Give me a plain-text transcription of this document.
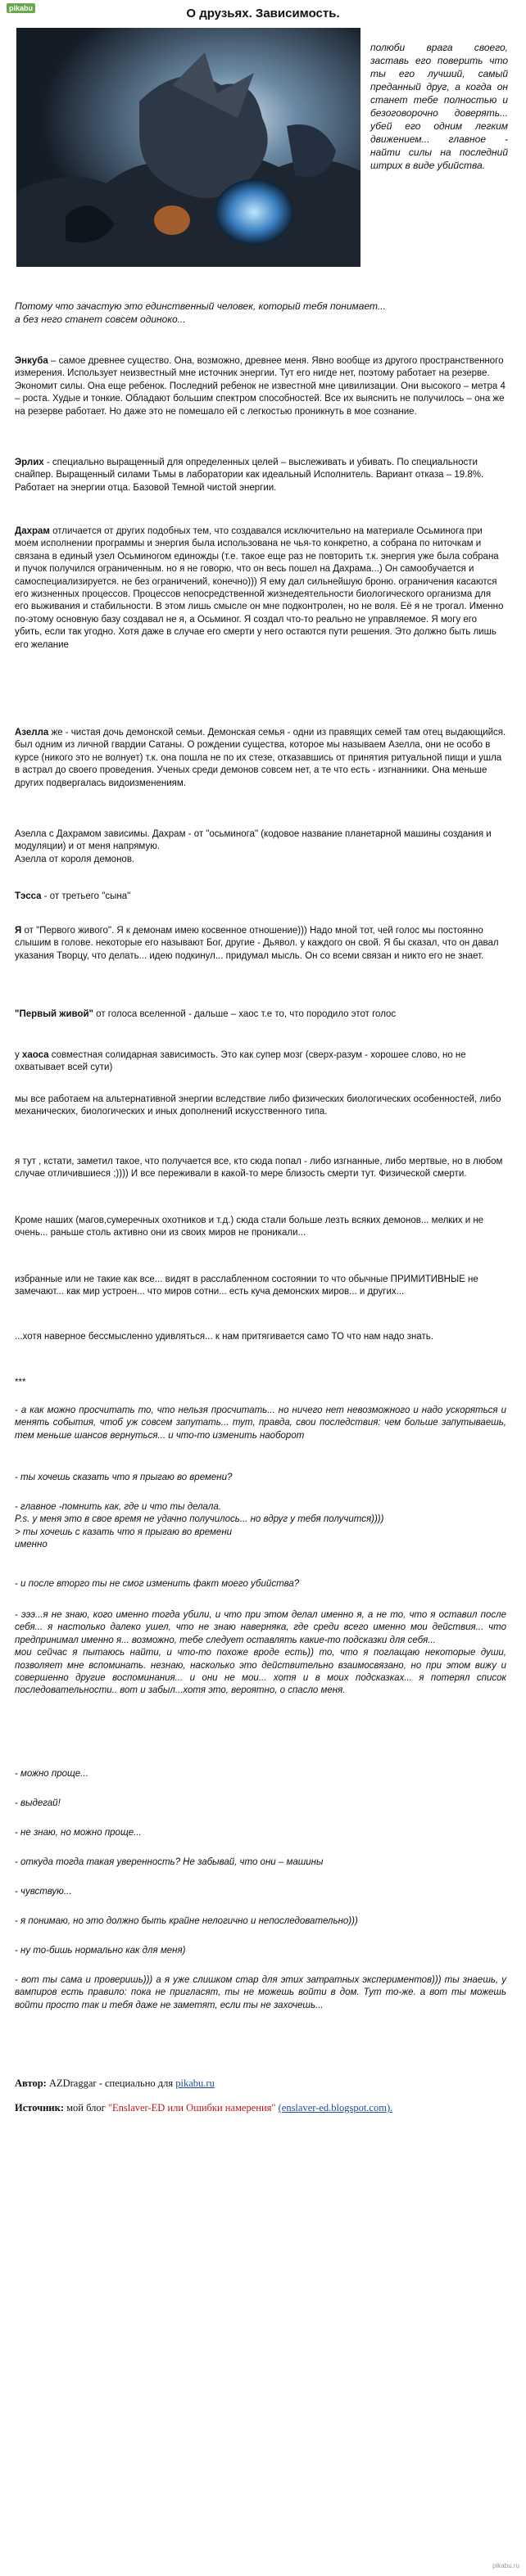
pikabu	О друзьях. Зависимость.
полюби врага своего, заставь его поверить что ты его лучший, самый преданный друг, а когда он станет тебе полностью и безоговорочно доверять... убей его одним легким движением... главное - найти силы на последний штрих в виде убийства.
Потому что зачастую это единственный человек, который тебя понимает...
а без него станет совсем одиноко...
Энкуба – самое древнее существо. Она, возможно, древнее меня. Явно вообще из другого пространственного измерения. Использует неизвестный мне источник энергии. Тут его нигде нет, поэтому работает на резерве. Экономит силы. Она еще ребенок. Последний ребенок не известной мне цивилизации. Они высокого – метра 4 – роста. Худые и тонкие. Обладают большим спектром способностей. Все их выяснить не получилось – она же на резерве работает. Но даже это не помешало ей с легкостью проникнуть в мое сознание.
Эрлих - специально выращенный для определенных целей – выслеживать и убивать. По специальности снайпер. Выращенный силами Тьмы в лаборатории как идеальный Исполнитель. Вариант отказа – 19.8%. Работает на энергии отца. Базовой Темной чистой энергии.
Дахрам отличается от других подобных тем, что создавался исключительно на материале Осьминога при моем исполнении программы и энергия была использована не чья-то конкретно, а собрана по ниточкам и связана в единый узел Осьминогом единожды (т.е. такое еще раз не повторить т.к. энергия уже была собрана и пучок получился ограниченным. но я не говорю, что он весь пошел на Дахрама...) Он самообучается и самоспециализируется. не без ограничений, конечно))) Я ему дал сильнейшую броню. ограничения касаются его жизненных процессов. Процессов непосредственной жизнедеятельности биологического организма для его выживания и стабильности. В этом лишь смысле он мне подконтролен, но не воля. Её я не трогал. Именно по-этому основную базу создавал не я, а Осьминог. Я создал что-то реально не управляемое. Я могу его убить, если так угодно. Хотя даже в случае его смерти у него остаются пути решения. Это должно быть лишь его желание
Азелла же - чистая дочь демонской семьи. Демонская семья - одни из правящих семей там отец выдающийся. был одним из личной гвардии Сатаны. О рождении существа, которое мы называем Азелла, они не особо в курсе (никого это не волнует) т.к. она пошла не по их стезе, отказавшись от принятия ритуальной пищи и ушла в астрал до своего проведения. Ученых среди демонов совсем нет, а те что есть - изгнанники. Она меньше других подвергалась видоизменениям.
Азелла с Дахрамом зависимы. Дахрам - от "осьминога" (кодовое название планетарной машины создания и модуляции) и от меня напрямую.
Азелла от короля демонов.
Тэсса - от третьего "сына"
Я от "Первого живого". Я к демонам имею косвенное отношение))) Надо мной тот, чей голос мы постоянно слышим в голове. некоторые его называют Бог, другие - Дьявол. у каждого он свой. Я бы сказал, что он давал указания Творцу, что делать... идею подкинул... придумал мысль. Он со всеми связан и никто его не знает.
"Первый живой" от голоса вселенной - дальше – хаос т.е то, что породило этот голос
у хаоса совместная солидарная зависимость. Это как супер мозг (сверх-разум - хорошее слово, но не охватывает всей сути)
мы все работаем на альтернативной энергии вследствие либо физических биологических особенностей, либо механических, биологических и иных дополнений искусственного типа.
я тут , кстати, заметил такое, что получается все, кто сюда попал - либо изгнанные, либо мертвые, но в любом случае отличившиеся ;)))) И все переживали в какой-то мере близость смерти тут. Физической смерти.
Кроме наших (магов,сумеречных охотников и т.д.) сюда стали больше лезть всяких демонов... мелких и не очень... раньше столь активно они из своих миров не проникали...
избранные или не такие как все... видят в расслабленном состоянии то что обычные ПРИМИТИВНЫЕ не замечают... как мир устроен... что миров сотни... есть куча демонских миров... и других...
...хотя наверное бессмысленно удивляться... к нам притягивается само ТО что нам надо знать.
***
- а как можно просчитать то, что нельзя просчитать... но ничего нет невозможного и надо ускоряться и менять события, чтоб уж совсем запутать... тут, правда, свои последствия: чем больше запутываешь, тем меньше шансов вернуться... и что-то изменить наоборот
- ты хочешь сказать что я прыгаю во времени?
- главное -помнить как, где и что ты делала.
P.s. у меня это в свое время не удачно получилось... но вдруг у тебя получится))))
> ты хочешь с казать что я прыгаю во времени
именно
- и после вторго ты не смог изменить факт моего убийства?
- эээ...я не знаю, кого именно тогда убили, и что при этом делал именно я, а не то, что я оставил после себя... я настолько далеко ушел, что не знаю наверняка, где среди всего именно мои действия... что предпринимал именно я... возможно, тебе следует оставлять какие-то подсказки для себя...
мои сейчас я пытаюсь найти, и что-то похоже вроде есть)) то, что я поглащаю некоторые души, позволяет мне вспоминать. незнаю, насколько это действительно взаимосвязано, но при этом вижу и совершенно другие воспоминания... и они не мои... хотя и в моих подсказках... я потерял список последовательности.. вот и забыл...хотя это, вероятно, о спасло меня.
- можно проще...
- выдегай!
- не знаю, но можно проще...
- откуда тогда такая уверенность? Не забывай, что они – машины
- чувствую...
- я понимаю, но это должно быть крайне нелогично и непоследовательно)))
- ну то-бишь нормально как для меня)
- вот ты сама и проверишь))) а я уже слишком стар для этих затратных экспериментов))) ты знаешь, у вампиров есть правило: пока не пригласят, ты не можешь войти в дом. Тут то-же. а вот ты можешь войти просто так и тебя даже не заметят, если ты не захочешь...
Автор: AZDraggar - специально для pikabu.ru
Источник: мой блог "Enslaver-ED или Ошибки намерения" (enslaver-ed.blogspot.com).
pikabu.ru
